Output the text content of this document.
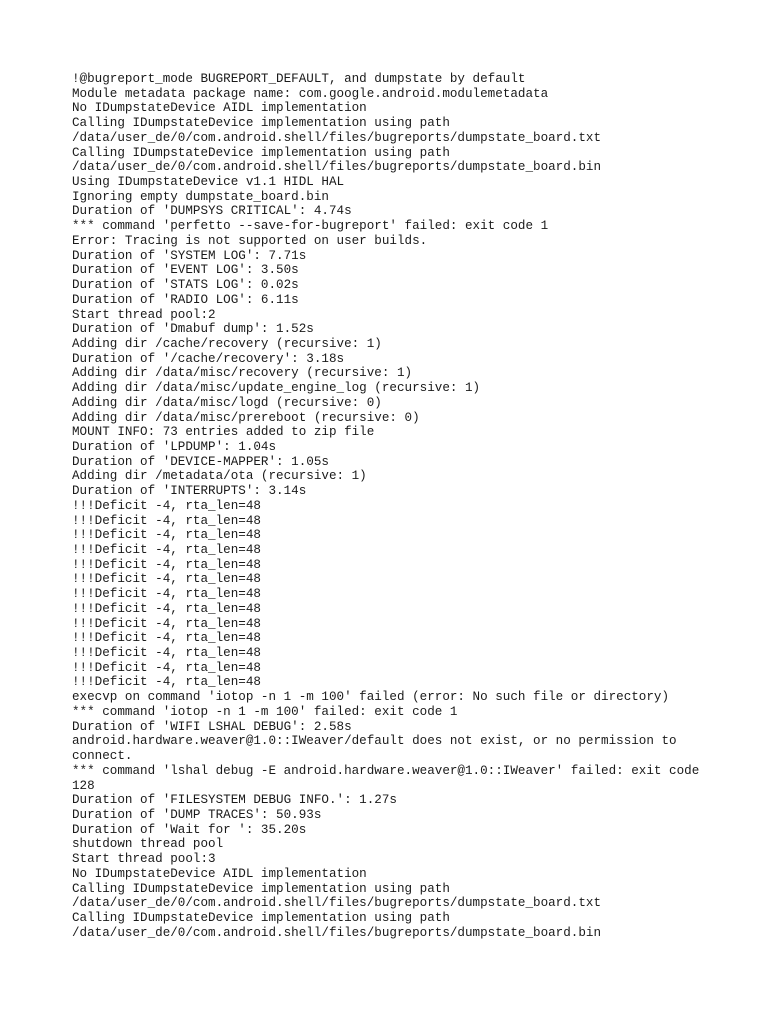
!@bugreport_mode BUGREPORT_DEFAULT, and dumpstate by default
Module metadata package name: com.google.android.modulemetadata
No IDumpstateDevice AIDL implementation
Calling IDumpstateDevice implementation using path
/data/user_de/0/com.android.shell/files/bugreports/dumpstate_board.txt
Calling IDumpstateDevice implementation using path
/data/user_de/0/com.android.shell/files/bugreports/dumpstate_board.bin
Using IDumpstateDevice v1.1 HIDL HAL
Ignoring empty dumpstate_board.bin
Duration of 'DUMPSYS CRITICAL': 4.74s
*** command 'perfetto --save-for-bugreport' failed: exit code 1
Error: Tracing is not supported on user builds.
Duration of 'SYSTEM LOG': 7.71s
Duration of 'EVENT LOG': 3.50s
Duration of 'STATS LOG': 0.02s
Duration of 'RADIO LOG': 6.11s
Start thread pool:2
Duration of 'Dmabuf dump': 1.52s
Adding dir /cache/recovery (recursive: 1)
Duration of '/cache/recovery': 3.18s
Adding dir /data/misc/recovery (recursive: 1)
Adding dir /data/misc/update_engine_log (recursive: 1)
Adding dir /data/misc/logd (recursive: 0)
Adding dir /data/misc/prereboot (recursive: 0)
MOUNT INFO: 73 entries added to zip file
Duration of 'LPDUMP': 1.04s
Duration of 'DEVICE-MAPPER': 1.05s
Adding dir /metadata/ota (recursive: 1)
Duration of 'INTERRUPTS': 3.14s
!!!Deficit -4, rta_len=48
!!!Deficit -4, rta_len=48
!!!Deficit -4, rta_len=48
!!!Deficit -4, rta_len=48
!!!Deficit -4, rta_len=48
!!!Deficit -4, rta_len=48
!!!Deficit -4, rta_len=48
!!!Deficit -4, rta_len=48
!!!Deficit -4, rta_len=48
!!!Deficit -4, rta_len=48
!!!Deficit -4, rta_len=48
!!!Deficit -4, rta_len=48
!!!Deficit -4, rta_len=48
execvp on command 'iotop -n 1 -m 100' failed (error: No such file or directory)
*** command 'iotop -n 1 -m 100' failed: exit code 1
Duration of 'WIFI LSHAL DEBUG': 2.58s
android.hardware.weaver@1.0::IWeaver/default does not exist, or no permission to
connect.
*** command 'lshal debug -E android.hardware.weaver@1.0::IWeaver' failed: exit code
128
Duration of 'FILESYSTEM DEBUG INFO.': 1.27s
Duration of 'DUMP TRACES': 50.93s
Duration of 'Wait for ': 35.20s
shutdown thread pool
Start thread pool:3
No IDumpstateDevice AIDL implementation
Calling IDumpstateDevice implementation using path
/data/user_de/0/com.android.shell/files/bugreports/dumpstate_board.txt
Calling IDumpstateDevice implementation using path
/data/user_de/0/com.android.shell/files/bugreports/dumpstate_board.bin
